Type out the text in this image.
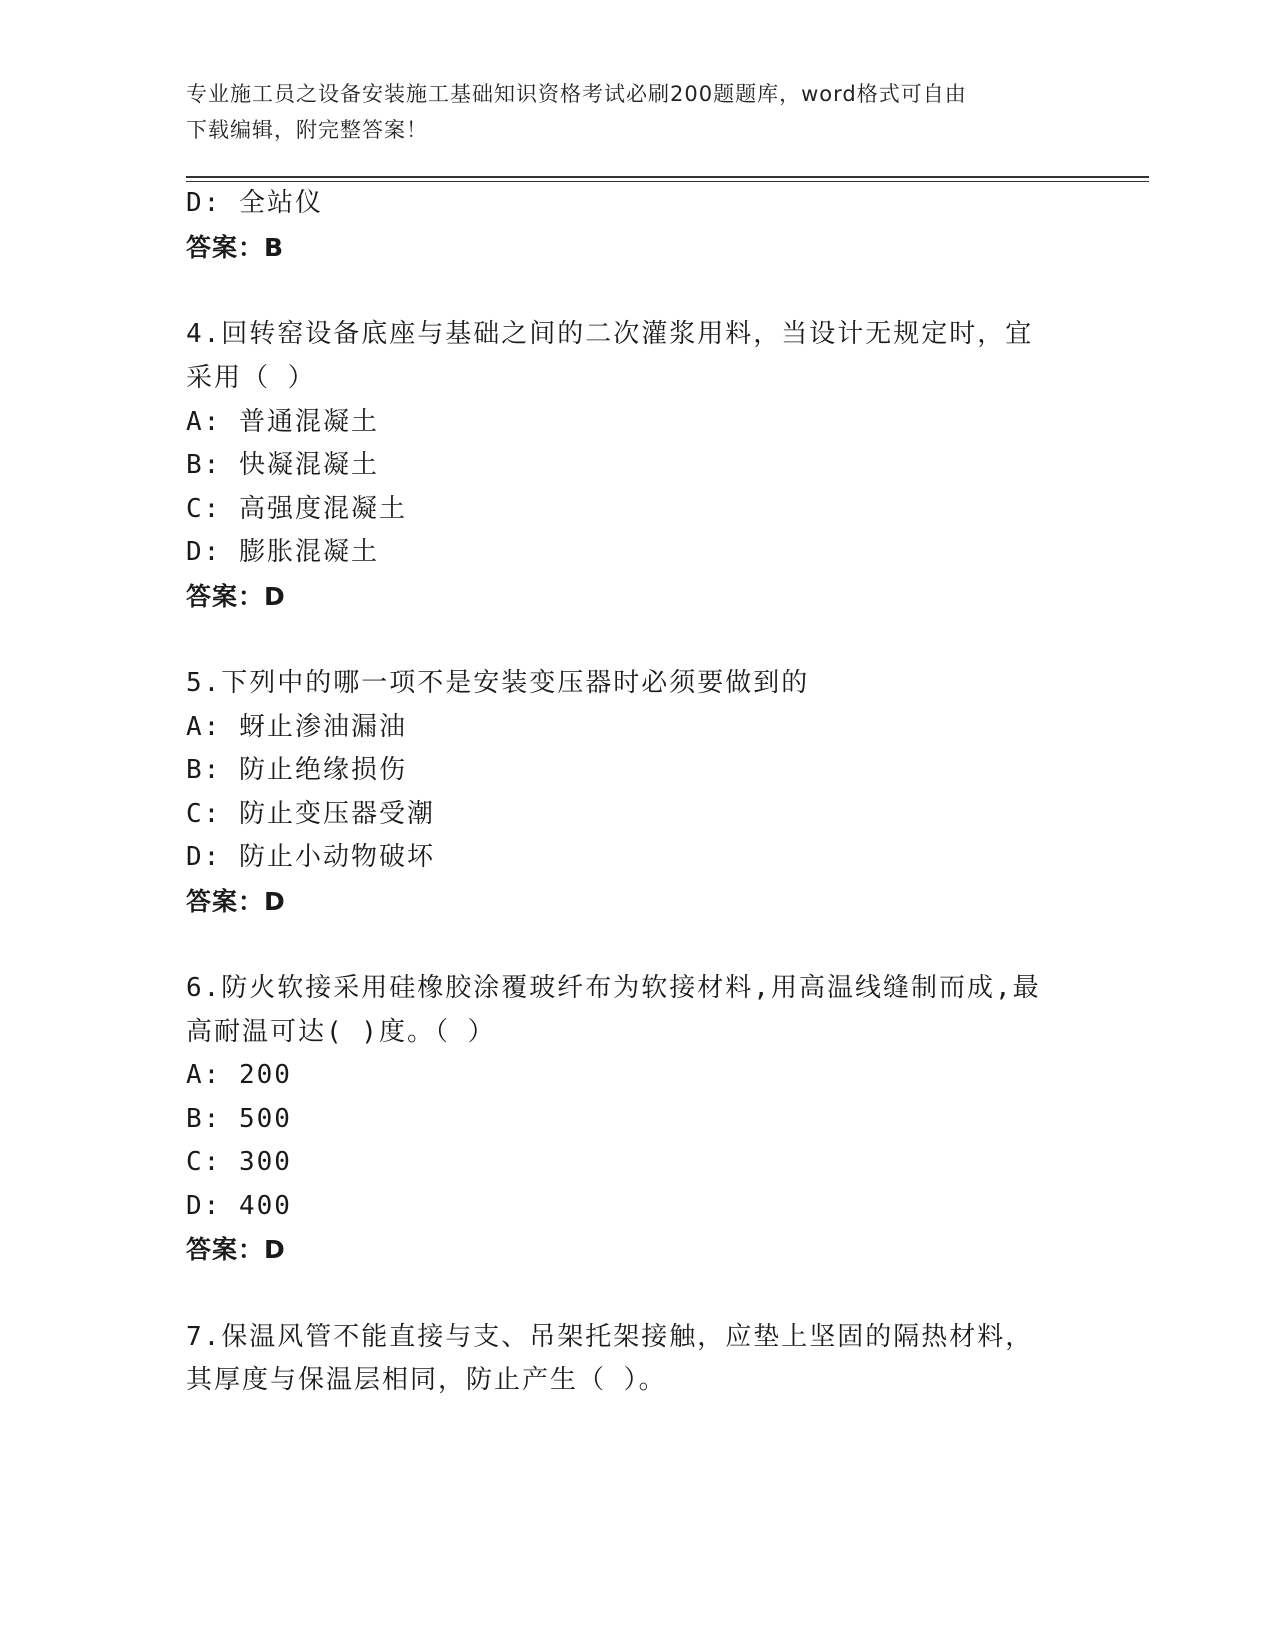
专业施工员之设备安装施工基础知识资格考试必刷200题题库，word格式可自由
下载编辑，附完整答案！
D: 全站仪
答案：B
4.回转窑设备底座与基础之间的二次灌浆用料，当设计无规定时，宜
采用（ ）
A: 普通混凝土
B: 快凝混凝土
C: 高强度混凝土
D: 膨胀混凝土
答案：D
5.下列中的哪一项不是安装变压器时必须要做到的
A: 蚜止渗油漏油
B: 防止绝缘损伤
C: 防止变压器受潮
D: 防止小动物破坏
答案：D
6.防火软接采用硅橡胶涂覆玻纤布为软接材料,用高温线缝制而成,最
高耐温可达( )度。（ ）
A: 200
B: 500
C: 300
D: 400
答案：D
7.保温风管不能直接与支、吊架托架接触，应垫上坚固的隔热材料，
其厚度与保温层相同，防止产生（ ）。
